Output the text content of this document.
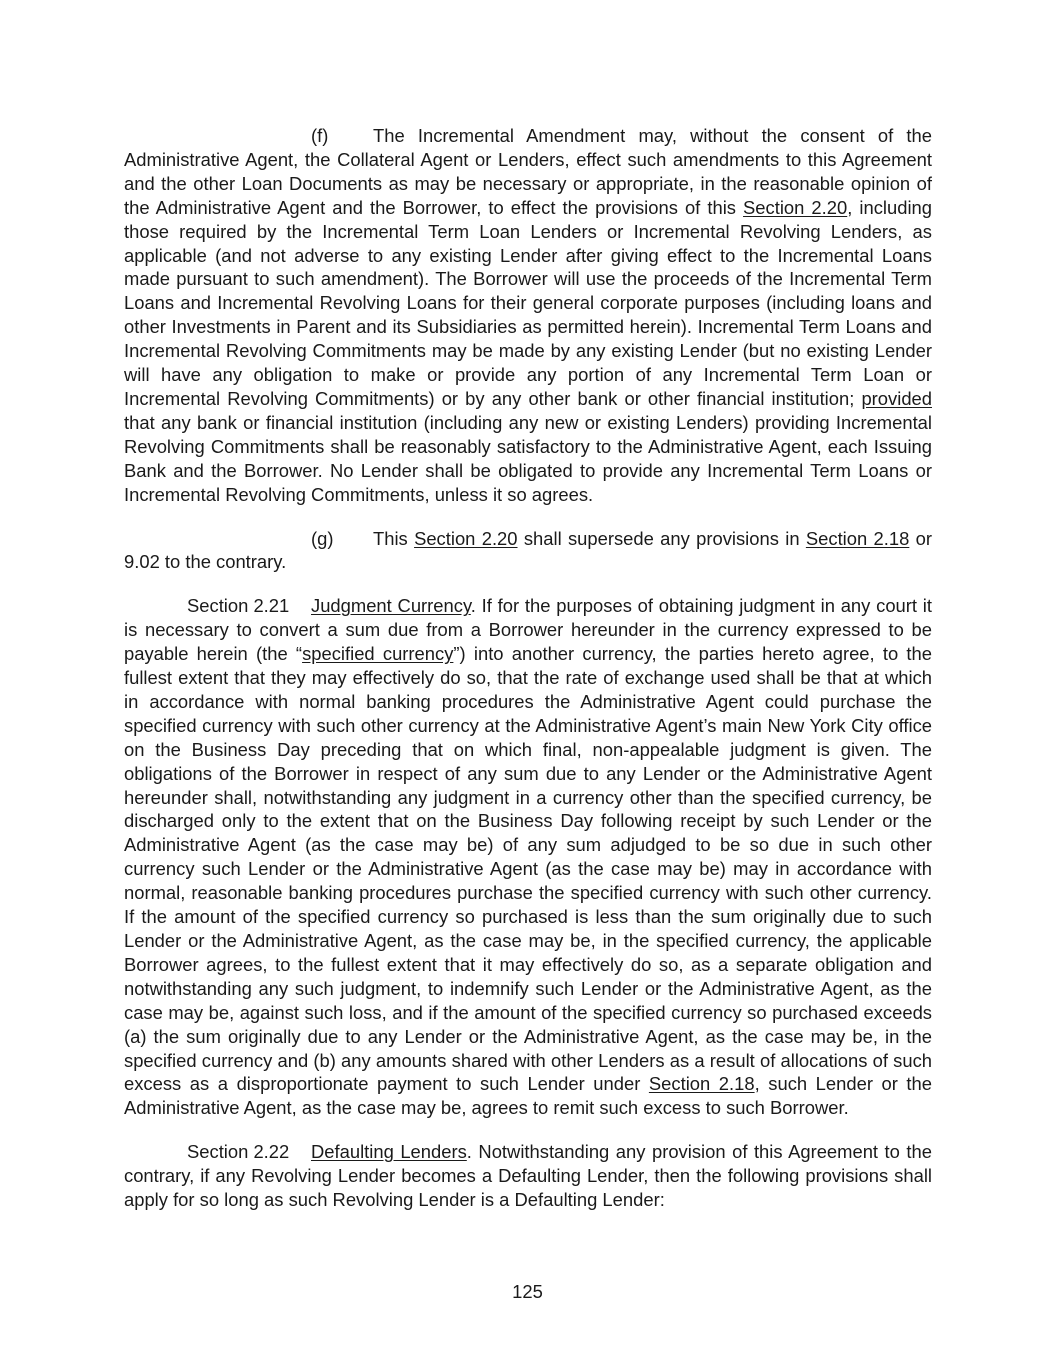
(f) The Incremental Amendment may, without the consent of the Administrative Agent, the Collateral Agent or Lenders, effect such amendments to this Agreement and the other Loan Documents as may be necessary or appropriate, in the reasonable opinion of the Administrative Agent and the Borrower, to effect the provisions of this Section 2.20, including those required by the Incremental Term Loan Lenders or Incremental Revolving Lenders, as applicable (and not adverse to any existing Lender after giving effect to the Incremental Loans made pursuant to such amendment). The Borrower will use the proceeds of the Incremental Term Loans and Incremental Revolving Loans for their general corporate purposes (including loans and other Investments in Parent and its Subsidiaries as permitted herein). Incremental Term Loans and Incremental Revolving Commitments may be made by any existing Lender (but no existing Lender will have any obligation to make or provide any portion of any Incremental Term Loan or Incremental Revolving Commitments) or by any other bank or other financial institution; provided that any bank or financial institution (including any new or existing Lenders) providing Incremental Revolving Commitments shall be reasonably satisfactory to the Administrative Agent, each Issuing Bank and the Borrower. No Lender shall be obligated to provide any Incremental Term Loans or Incremental Revolving Commitments, unless it so agrees.

(g) This Section 2.20 shall supersede any provisions in Section 2.18 or 9.02 to the contrary.

Section 2.21 Judgment Currency. If for the purposes of obtaining judgment in any court it is necessary to convert a sum due from a Borrower hereunder in the currency expressed to be payable herein (the “specified currency”) into another currency, the parties hereto agree, to the fullest extent that they may effectively do so, that the rate of exchange used shall be that at which in accordance with normal banking procedures the Administrative Agent could purchase the specified currency with such other currency at the Administrative Agent’s main New York City office on the Business Day preceding that on which final, non-appealable judgment is given. The obligations of the Borrower in respect of any sum due to any Lender or the Administrative Agent hereunder shall, notwithstanding any judgment in a currency other than the specified currency, be discharged only to the extent that on the Business Day following receipt by such Lender or the Administrative Agent (as the case may be) of any sum adjudged to be so due in such other currency such Lender or the Administrative Agent (as the case may be) may in accordance with normal, reasonable banking procedures purchase the specified currency with such other currency. If the amount of the specified currency so purchased is less than the sum originally due to such Lender or the Administrative Agent, as the case may be, in the specified currency, the applicable Borrower agrees, to the fullest extent that it may effectively do so, as a separate obligation and notwithstanding any such judgment, to indemnify such Lender or the Administrative Agent, as the case may be, against such loss, and if the amount of the specified currency so purchased exceeds (a) the sum originally due to any Lender or the Administrative Agent, as the case may be, in the specified currency and (b) any amounts shared with other Lenders as a result of allocations of such excess as a disproportionate payment to such Lender under Section 2.18, such Lender or the Administrative Agent, as the case may be, agrees to remit such excess to such Borrower.

Section 2.22 Defaulting Lenders. Notwithstanding any provision of this Agreement to the contrary, if any Revolving Lender becomes a Defaulting Lender, then the following provisions shall apply for so long as such Revolving Lender is a Defaulting Lender:

125
